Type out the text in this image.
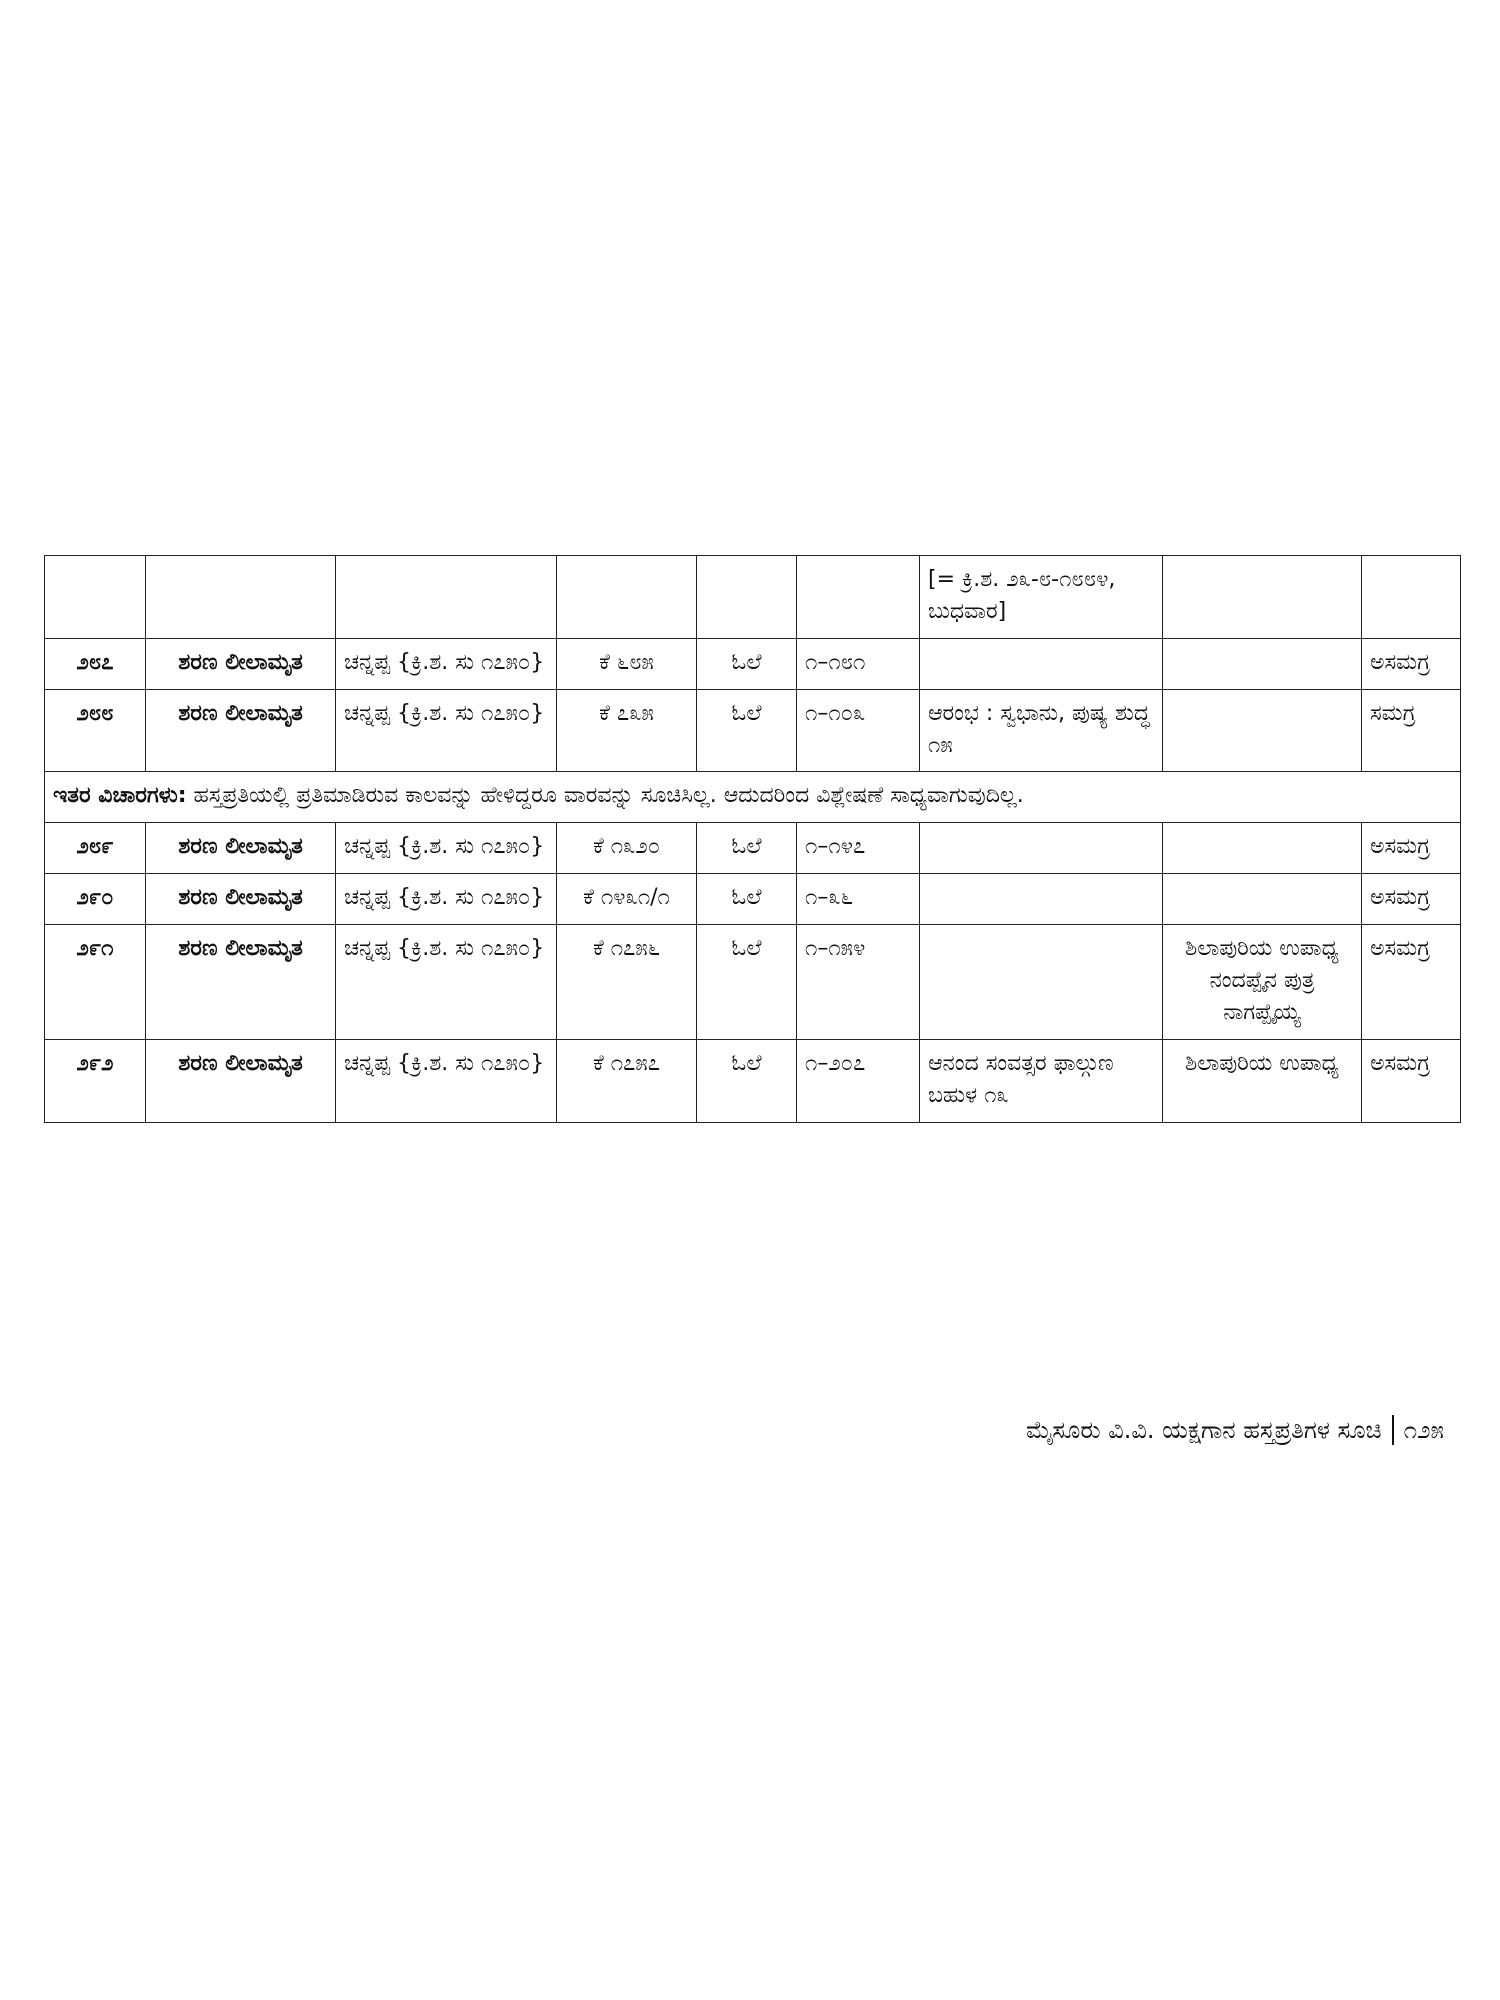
						[= ಕ್ರಿ.ಶ. ೨೩-೮-೧೮೮೪, ಬುಧವಾರ]		
೨೮೭	ಶರಣ ಲೀಲಾಮೃತ	ಚನ್ನಪ್ಪ {ಕ್ರಿ.ಶ. ಸು ೧೭೫೦}	ಕೆ ೬೮೫	ಓಲೆ	೧–೧೮೧			ಅಸಮಗ್ರ
೨೮೮	ಶರಣ ಲೀಲಾಮೃತ	ಚನ್ನಪ್ಪ {ಕ್ರಿ.ಶ. ಸು ೧೭೫೦}	ಕೆ ೭೩೫	ಓಲೆ	೧–೧೦೩	ಆರಂಭ : ಸ್ವಭಾನು, ಪುಷ್ಯ ಶುದ್ಧ ೧೫		ಸಮಗ್ರ
ಇತರ ವಿಚಾರಗಳು: ಹಸ್ತಪ್ರತಿಯಲ್ಲಿ ಪ್ರತಿಮಾಡಿರುವ ಕಾಲವನ್ನು ಹೇಳಿದ್ದರೂ ವಾರವನ್ನು ಸೂಚಿಸಿಲ್ಲ. ಆದುದರಿಂದ ವಿಶ್ಲೇಷಣೆ ಸಾಧ್ಯವಾಗುವುದಿಲ್ಲ.								
೨೮೯	ಶರಣ ಲೀಲಾಮೃತ	ಚನ್ನಪ್ಪ {ಕ್ರಿ.ಶ. ಸು ೧೭೫೦}	ಕೆ ೧೩೨೦	ಓಲೆ	೧–೧೪೭			ಅಸಮಗ್ರ
೨೯೦	ಶರಣ ಲೀಲಾಮೃತ	ಚನ್ನಪ್ಪ {ಕ್ರಿ.ಶ. ಸು ೧೭೫೦}	ಕೆ ೧೪೩೧/೧	ಓಲೆ	೧–೩೬			ಅಸಮಗ್ರ
೨೯೧	ಶರಣ ಲೀಲಾಮೃತ	ಚನ್ನಪ್ಪ {ಕ್ರಿ.ಶ. ಸು ೧೭೫೦}	ಕೆ ೧೭೫೬	ಓಲೆ	೧–೧೫೪		ಶಿಲಾಪುರಿಯ ಉಪಾಧ್ಯ ನಂದಪ್ಪೈನ ಪುತ್ರ ನಾಗಪ್ಪೈಯ್ಯ	ಅಸಮಗ್ರ
೨೯೨	ಶರಣ ಲೀಲಾಮೃತ	ಚನ್ನಪ್ಪ {ಕ್ರಿ.ಶ. ಸು ೧೭೫೦}	ಕೆ ೧೭೫೭	ಓಲೆ	೧–೨೦೭	ಆನಂದ ಸಂವತ್ಸರ ಫಾಲ್ಗುಣ ಬಹುಳ ೧೩	ಶಿಲಾಪುರಿಯ ಉಪಾಧ್ಯ	ಅಸಮಗ್ರ
ಮೈಸೂರು ವಿ.ವಿ. ಯಕ್ಷಗಾನ ಹಸ್ತಪ್ರತಿಗಳ ಸೂಚಿ ೧೨೫
